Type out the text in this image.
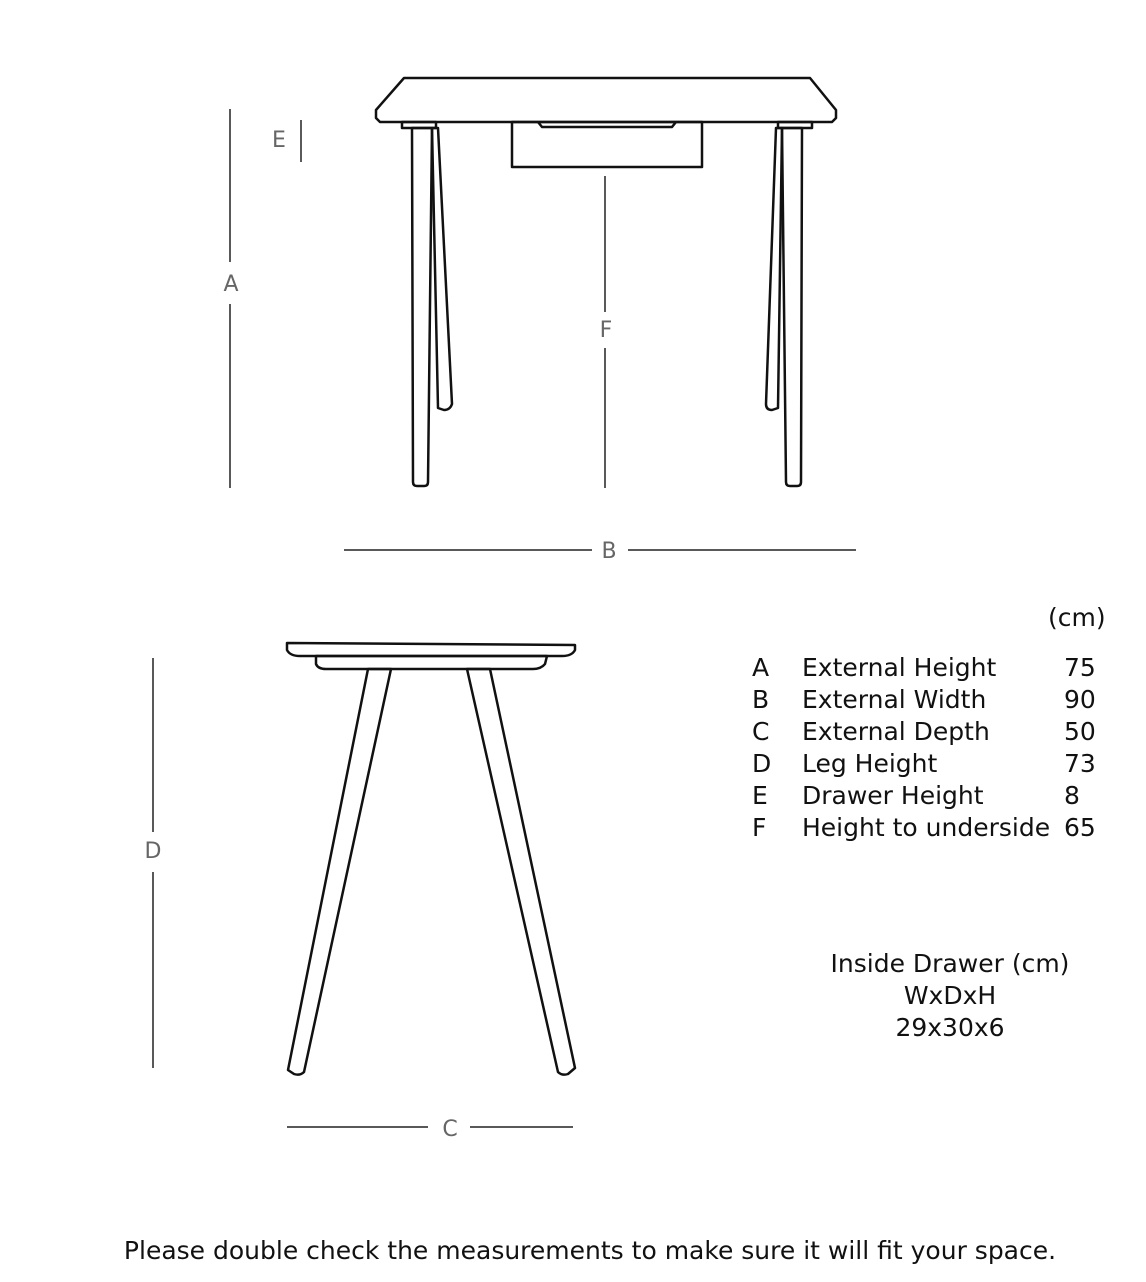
A
E
F
B
D
C
(cm)
A	External Height	75
B	External Width	90
C	External Depth	50
D	Leg Height	73
E	Drawer Height	8
F	Height to underside	65
Inside Drawer (cm)
WxDxH
29x30x6
Please double check the measurements to make sure it will fit your space.
